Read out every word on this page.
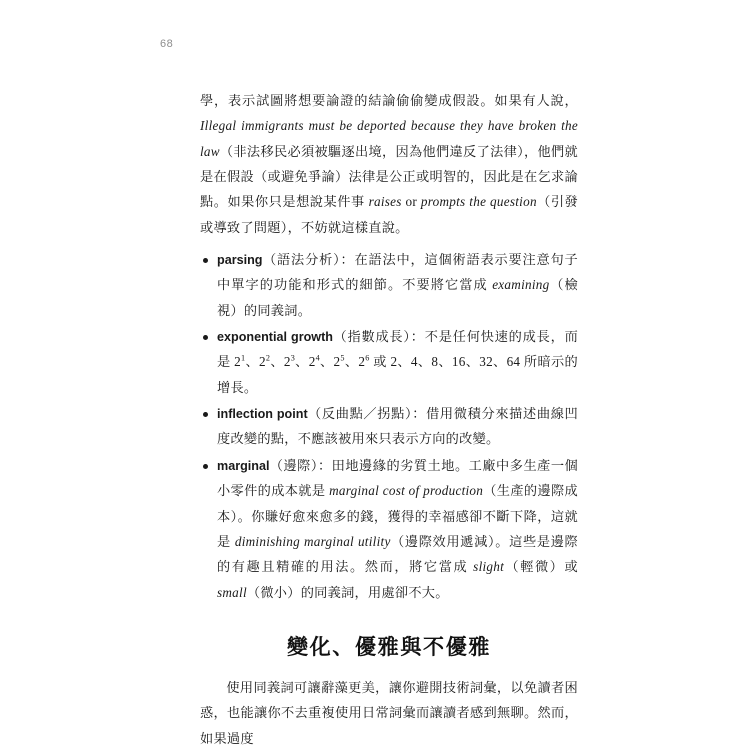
68

學，表示試圖將想要論證的結論偷偷變成假設。如果有人說，Illegal immigrants must be deported because they have broken the law（非法移民必須被驅逐出境，因為他們違反了法律），他們就是在假設（或避免爭論）法律是公正或明智的，因此是在乞求論點。如果你只是想說某件事 raises or prompts the question（引發或導致了問題），不妨就這樣直說。

parsing（語法分析）：在語法中，這個術語表示要注意句子中單字的功能和形式的細節。不要將它當成 examining（檢視）的同義詞。
exponential growth（指數成長）：不是任何快速的成長，而是 $2^1$、$2^2$、$2^3$、$2^4$、$2^5$、$2^6$ 或 2、4、8、16、32、64 所暗示的增長。
inflection point（反曲點／拐點）：借用微積分來描述曲線凹度改變的點，不應該被用來只表示方向的改變。
marginal（邊際）：田地邊緣的劣質土地。工廠中多生產一個小零件的成本就是 marginal cost of production（生產的邊際成本）。你賺好愈來愈多的錢，獲得的幸福感卻不斷下降，這就是 diminishing marginal utility（邊際效用遞減）。這些是邊際的有趣且精確的用法。然而，將它當成 slight（輕微）或 small（微小）的同義詞，用處卻不大。
變化、優雅與不優雅

使用同義詞可讓辭藻更美，讓你避開技術詞彙，以免讀者困惑，也能讓你不去重複使用日常詞彙而讓讀者感到無聊。然而，如果過度
